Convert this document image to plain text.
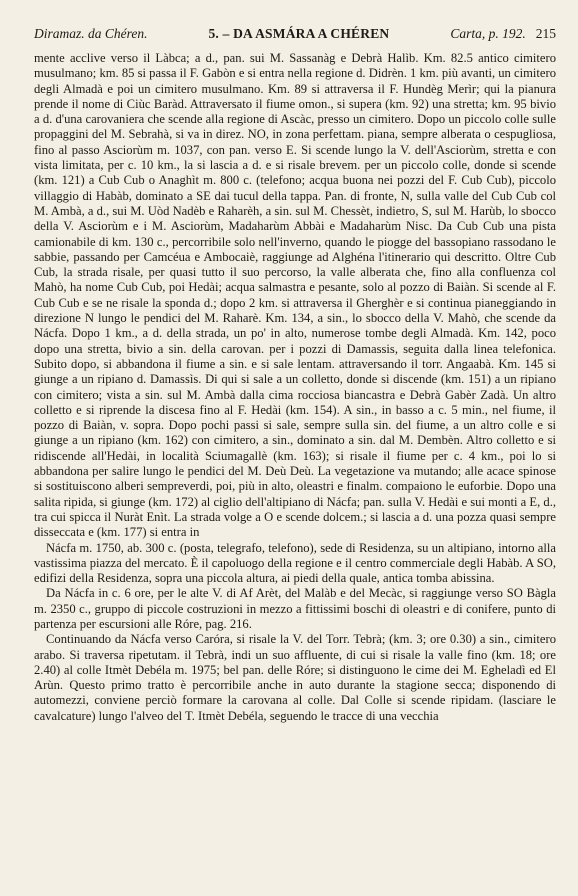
Diramaz. da Chéren.	5. – DA ASMÁRA A CHÉREN	Carta, p. 192. 215

mente acclive verso il Làbca; a d., pan. sui M. Sassanàg e Debrà Halìb. Km. 82.5 antico cimitero musulmano; km. 85 si passa il F. Gabòn e si entra nella regione d. Didrèn. 1 km. più avanti, un cimitero degli Almadà e poi un cimitero musulmano. Km. 89 si attraversa il F. Hundèg Merìr; qui la pianura prende il nome di Ciùc Baràd. Attraversato il fiume omon., si supera (km. 92) una stretta; km. 95 bivio a d. d'una carovaniera che scende alla regione di Ascàc, presso un cimitero. Dopo un piccolo colle sulle propaggini del M. Sebrahà, si va in direz. NO, in zona perfettam. piana, sempre alberata o cespugliosa, fino al passo Asciorùm m. 1037, con pan. verso E. Si scende lungo la V. dell'Asciorùm, stretta e con vista limitata, per c. 10 km., la si lascia a d. e si risale brevem. per un piccolo colle, donde si scende (km. 121) a Cub Cub o Anaghìt m. 800 c. (telefono; acqua buona nei pozzi del F. Cub Cub), piccolo villaggio di Habàb, dominato a SE dai tucul della tappa. Pan. di fronte, N, sulla valle del Cub Cub col M. Ambà, a d., sui M. Uòd Nadèb e Raharèh, a sin. sul M. Chessèt, indietro, S, sul M. Harùb, lo sbocco della V. Asciorùm e i M. Asciorùm, Madaharùm Abbài e Madaharùm Nisc. Da Cub Cub una pista camionabile di km. 130 c., percorribile solo nell'inverno, quando le piogge del bassopiano rassodano le sabbie, passando per Camcéua e Ambocaiè, raggiunge ad Alghéna l'itinerario qui descritto. Oltre Cub Cub, la strada risale, per quasi tutto il suo percorso, la valle alberata che, fino alla confluenza col Mahò, ha nome Cub Cub, poi Hedài; acqua salmastra e pesante, solo al pozzo di Baiàn. Si scende al F. Cub Cub e se ne risale la sponda d.; dopo 2 km. si attraversa il Gherghèr e si continua pianeggiando in direzione N lungo le pendici del M. Raharè. Km. 134, a sin., lo sbocco della V. Mahò, che scende da Nácfa. Dopo 1 km., a d. della strada, un po' in alto, numerose tombe degli Almadà. Km. 142, poco dopo una stretta, bivio a sin. della carovan. per i pozzi di Damassis, seguita dalla linea telefonica. Subito dopo, si abbandona il fiume a sin. e si sale lentam. attraversando il torr. Angaabà. Km. 145 si giunge a un ripiano d. Damassìs. Di qui si sale a un colletto, donde si discende (km. 151) a un ripiano con cimitero; vista a sin. sul M. Ambà dalla cima rocciosa biancastra e Debrà Gabèr Zadà. Un altro colletto e si riprende la discesa fino al F. Hedài (km. 154). A sin., in basso a c. 5 min., nel fiume, il pozzo di Baiàn, v. sopra. Dopo pochi passi si sale, sempre sulla sin. del fiume, a un altro colle e si giunge a un ripiano (km. 162) con cimitero, a sin., dominato a sin. dal M. Dembèn. Altro colletto e si ridiscende all'Hedài, in località Sciumagallè (km. 163); si risale il fiume per c. 4 km., poi lo si abbandona per salire lungo le pendici del M. Deù Deù. La vegetazione va mutando; alle acace spinose si sostituiscono alberi sempreverdi, poi, più in alto, oleastri e finalm. compaiono le euforbie. Dopo una salita ripida, si giunge (km. 172) al ciglio dell'altipiano di Nácfa; pan. sulla V. Hedài e sui monti a E, d., tra cui spicca il Nuràt Enìt. La strada volge a O e scende dolcem.; si lascia a d. una pozza quasi sempre disseccata e (km. 177) si entra in

Nácfa m. 1750, ab. 300 c. (posta, telegrafo, telefono), sede di Residenza, su un altipiano, intorno alla vastissima piazza del mercato. È il capoluogo della regione e il centro commerciale degli Habàb. A SO, edifizi della Residenza, sopra una piccola altura, ai piedi della quale, antica tomba abissina.

Da Nácfa in c. 6 ore, per le alte V. di Af Arèt, del Malàb e del Mecàc, si raggiunge verso SO Bàgla m. 2350 c., gruppo di piccole costruzioni in mezzo a fittissimi boschi di oleastri e di conifere, punto di partenza per escursioni alle Róre, pag. 216.

Continuando da Nácfa verso Caróra, si risale la V. del Torr. Tebrà; (km. 3; ore 0.30) a sin., cimitero arabo. Si traversa ripetutam. il Tebrà, indi un suo affluente, di cui si risale la valle fino (km. 18; ore 2.40) al colle Itmèt Debéla m. 1975; bel pan. delle Róre; si distinguono le cime dei M. Egheladì ed El Arùn. Questo primo tratto è percorribile anche in auto durante la stagione secca; disponendo di automezzi, conviene perciò formare la carovana al colle. Dal Colle si scende ripidam. (lasciare le cavalcature) lungo l'alveo del T. Itmèt Debéla, seguendo le tracce di una vecchia
